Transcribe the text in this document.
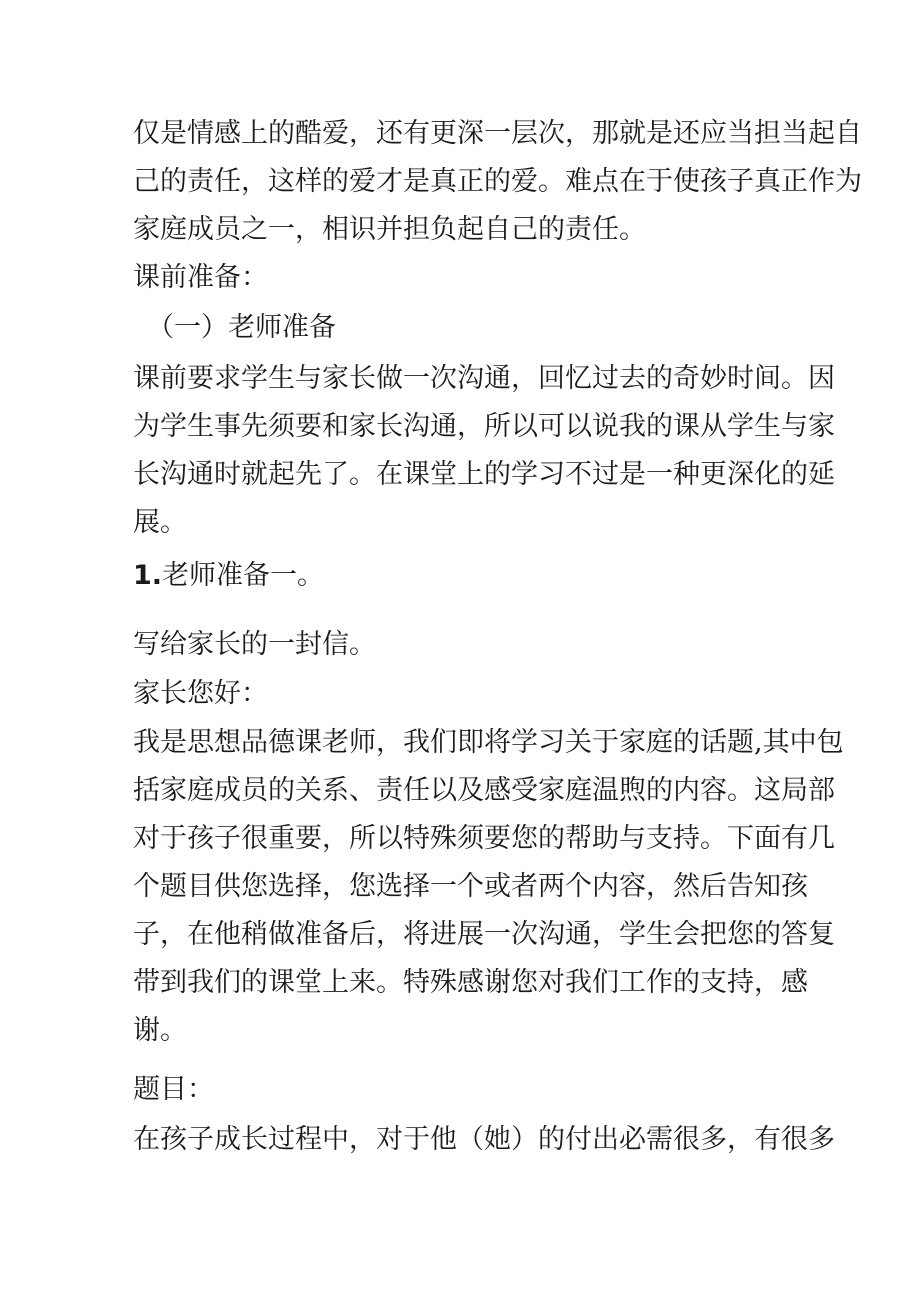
仅是情感上的酷爱，还有更深一层次，那就是还应当担当起自
己的责任，这样的爱才是真正的爱。难点在于使孩子真正作为
家庭成员之一，相识并担负起自己的责任。
课前准备：
（一）老师准备
课前要求学生与家长做一次沟通，回忆过去的奇妙时间。因
为学生事先须要和家长沟通，所以可以说我的课从学生与家
长沟通时就起先了。在课堂上的学习不过是一种更深化的延
展。
1.老师准备一。
写给家长的一封信。
家长您好：
我是思想品德课老师，我们即将学习关于家庭的话题,其中包
括家庭成员的关系、责任以及感受家庭温煦的内容。这局部
对于孩子很重要，所以特殊须要您的帮助与支持。下面有几
个题目供您选择，您选择一个或者两个内容，然后告知孩
子，在他稍做准备后，将进展一次沟通，学生会把您的答复
带到我们的课堂上来。特殊感谢您对我们工作的支持，感
谢。
题目：
在孩子成长过程中，对于他（她）的付出必需很多，有很多
